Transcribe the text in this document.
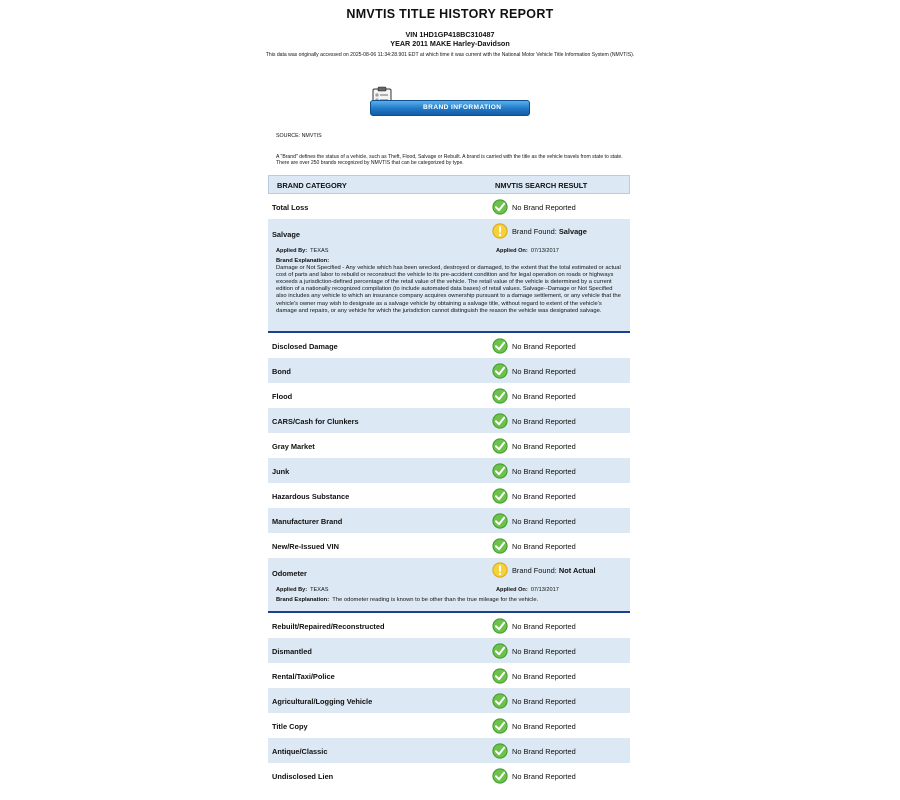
NMVTIS TITLE HISTORY REPORT
VIN 1HD1GP418BC310487
YEAR 2011 MAKE Harley-Davidson
This data was originally accessed on 2025-08-06 11:34:28.901 EDT at which time it was current with the National Motor Vehicle Title Information System (NMVTIS).
BRAND INFORMATION
SOURCE: NMVTIS
A "Brand" defines the status of a vehicle, such as Theft, Flood, Salvage or Rebuilt. A brand is carried with the title as the vehicle travels from state to state. There are over 250 brands recognized by NMVTIS that can be categorized by type.
BRAND CATEGORY	NMVTIS SEARCH RESULT
Total Loss	No Brand Reported
Salvage	Brand Found: Salvage
Applied By: TEXAS	Applied On: 07/13/2017
Brand Explanation:
Damage or Not Specified - Any vehicle which has been wrecked, destroyed or damaged, to the extent that the total estimated or actual cost of parts and labor to rebuild or reconstruct the vehicle to its pre-accident condition and for legal operation on roads or highways exceeds a jurisdiction-defined percentage of the retail value of the vehicle. The retail value of the vehicle is determined by a current edition of a nationally recognized compilation (to include automated data bases) of retail values. Salvage--Damage or Not Specified also includes any vehicle to which an insurance company acquires ownership pursuant to a damage settlement, or any vehicle that the vehicle's owner may wish to designate as a salvage vehicle by obtaining a salvage title, without regard to extent of the vehicle's damage and repairs, or any vehicle for which the jurisdiction cannot distinguish the reason the vehicle was designated salvage.
Disclosed Damage	No Brand Reported
Bond	No Brand Reported
Flood	No Brand Reported
CARS/Cash for Clunkers	No Brand Reported
Gray Market	No Brand Reported
Junk	No Brand Reported
Hazardous Substance	No Brand Reported
Manufacturer Brand	No Brand Reported
New/Re-Issued VIN	No Brand Reported
Odometer	Brand Found: Not Actual
Applied By: TEXAS	Applied On: 07/13/2017
Brand Explanation: The odometer reading is known to be other than the true mileage for the vehicle.
Rebuilt/Repaired/Reconstructed	No Brand Reported
Dismantled	No Brand Reported
Rental/Taxi/Police	No Brand Reported
Agricultural/Logging Vehicle	No Brand Reported
Title Copy	No Brand Reported
Antique/Classic	No Brand Reported
Undisclosed Lien	No Brand Reported
